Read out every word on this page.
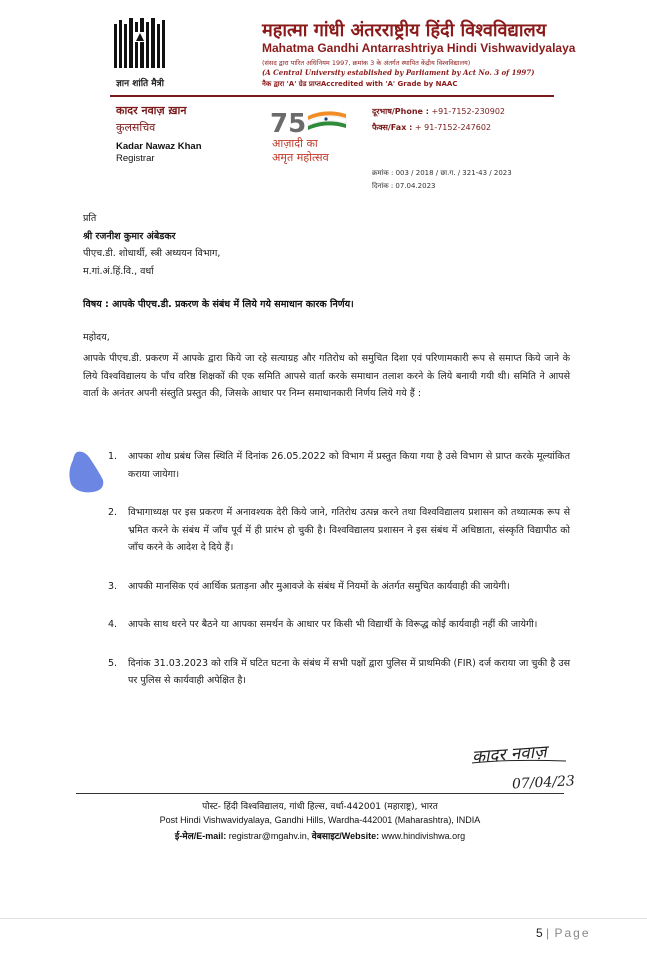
ज्ञान शांति मैत्री
महात्मा गांधी अंतरराष्ट्रीय हिंदी विश्वविद्यालय
Mahatma Gandhi Antarrashtriya Hindi Vishwavidyalaya
(संसद द्वारा पारित अधिनियम 1997, क्रमांक 3 के अंतर्गत स्थापित केंद्रीय विश्वविद्यालय)
(A Central University established by Parliament by Act No. 3 of 1997)
नैक द्वारा 'A' ग्रेड प्राप्तAccredited with 'A' Grade by NAAC
कादर नवाज़ ख़ान
कुलसचिव
Kadar Nawaz Khan
Registrar
75
आज़ादी का
अमृत महोत्सव
दूरभाष/Phone : +91-7152-230902
फैक्स/Fax : + 91-7152-247602
क्रमांक : 003 / 2018 / छा.ग. / 321-43 / 2023
दिनांक : 07.04.2023
प्रति
श्री रजनीश कुमार अंबेडकर
पीएच.डी. शोधार्थी, स्त्री अध्ययन विभाग,
म.गां.अं.हिं.वि., वर्धा
विषय : आपके पीएच.डी. प्रकरण के संबंध में लिये गये समाधान कारक निर्णय।
महोदय,
आपके पीएच.डी. प्रकरण में आपके द्वारा किये जा रहे सत्याग्रह और गतिरोध को समुचित दिशा एवं परिणामकारी रूप से समाप्त किये जाने के लिये विश्वविद्यालय के पाँच वरिष्ठ शिक्षकों की एक समिति आपसे वार्ता करके समाधान तलाश करने के लिये बनायी गयी थी। समिति ने आपसे वार्ता के अनंतर अपनी संस्तुति प्रस्तुत की, जिसके आधार पर निम्न समाधानकारी निर्णय लिये गये हैं :
1.	आपका शोध प्रबंध जिस स्थिति में दिनांक 26.05.2022 को विभाग में प्रस्तुत किया गया है उसे विभाग से प्राप्त करके मूल्यांकित कराया जायेगा।
2.	विभागाध्यक्ष पर इस प्रकरण में अनावश्यक देरी किये जाने, गतिरोध उत्पन्न करने तथा विश्वविद्यालय प्रशासन को तथ्यात्मक रूप से भ्रमित करने के संबंध में जाँच पूर्व में ही प्रारंभ हो चुकी है। विश्वविद्यालय प्रशासन ने इस संबंध में अधिष्ठाता, संस्कृति विद्यापीठ को जाँच करने के आदेश दे दिये हैं।
3.	आपकी मानसिक एवं आर्थिक प्रताड़ना और मुआवजे के संबंध में नियमों के अंतर्गत समुचित कार्यवाही की जायेगी।
4.	आपके साथ धरने पर बैठने या आपका समर्थन के आधार पर किसी भी विद्यार्थी के विरूद्ध कोई कार्यवाही नहीं की जायेगी।
5.	दिनांक 31.03.2023 को रात्रि में घटित घटना के संबंध में सभी पक्षों द्वारा पुलिस में प्राथमिकी (FIR) दर्ज कराया जा चुकी है उस पर पुलिस से कार्यवाही अपेक्षित है।
कादर नवाज़
07/04/23
पोस्ट- हिंदी विश्वविद्यालय, गांधी हिल्स, वर्धा-442001 (महाराष्ट्र), भारत
Post Hindi Vishwavidyalaya, Gandhi Hills, Wardha-442001 (Maharashtra), INDIA
ई-मेल/E-mail: registrar@mgahv.in, वेबसाइट/Website: www.hindivishwa.org
5 | Page
